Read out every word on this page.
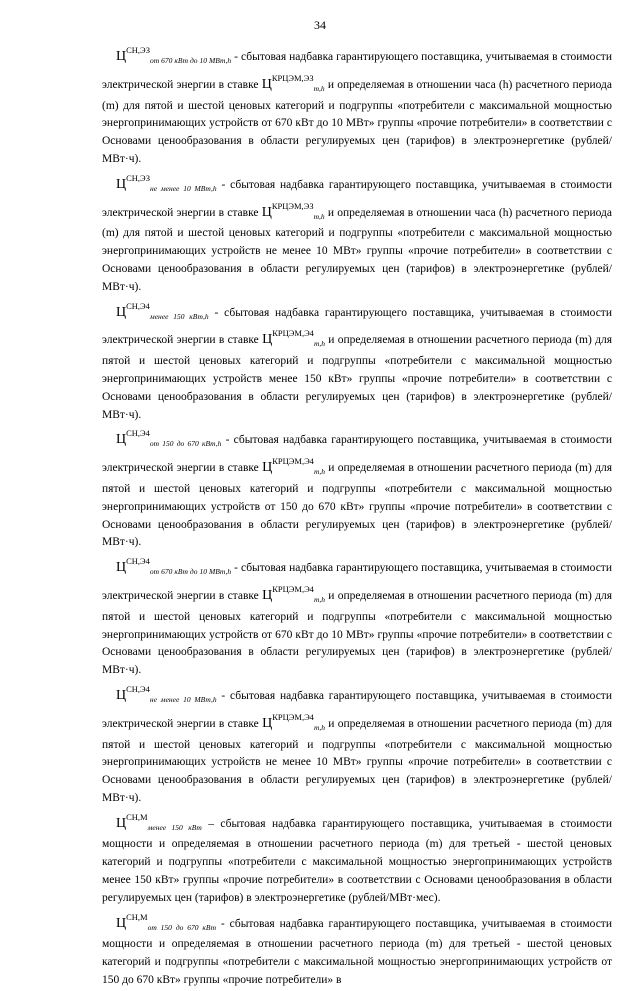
34

$Ц^{СН,ЭЗ}_{от 670 кВт до 10 МВт,h}$ - сбытовая надбавка гарантирующего поставщика, учитываемая в стоимости электрической энергии в ставке $Ц^{КРЦЭМ,ЭЗ}_{m,h}$ и определяемая в отношении часа (h) расчетного периода (m) для пятой и шестой ценовых категорий и подгруппы «потребители с максимальной мощностью энергопринимающих устройств от 670 кВт до 10 МВт» группы «прочие потребители» в соответствии с Основами ценообразования в области регулируемых цен (тарифов) в электроэнергетике (рублей/МВт·ч).

$Ц^{СН,ЭЗ}_{не менее 10 МВт,h}$ - сбытовая надбавка гарантирующего поставщика, учитываемая в стоимости электрической энергии в ставке $Ц^{КРЦЭМ,ЭЗ}_{m,h}$ и определяемая в отношении часа (h) расчетного периода (m) для пятой и шестой ценовых категорий и подгруппы «потребители с максимальной мощностью энергопринимающих устройств не менее 10 МВт» группы «прочие потребители» в соответствии с Основами ценообразования в области регулируемых цен (тарифов) в электроэнергетике (рублей/МВт·ч).

$Ц^{СН,Э4}_{менее 150 кВт,h}$ - сбытовая надбавка гарантирующего поставщика, учитываемая в стоимости электрической энергии в ставке $Ц^{КРЦЭМ,Э4}_{m,h}$ и определяемая в отношении расчетного периода (m) для пятой и шестой ценовых категорий и подгруппы «потребители с максимальной мощностью энергопринимающих устройств менее 150 кВт» группы «прочие потребители» в соответствии с Основами ценообразования в области регулируемых цен (тарифов) в электроэнергетике (рублей/МВт·ч).

$Ц^{СН,Э4}_{от 150 до 670 кВт,h}$ - сбытовая надбавка гарантирующего поставщика, учитываемая в стоимости электрической энергии в ставке $Ц^{КРЦЭМ,Э4}_{m,h}$ и определяемая в отношении расчетного периода (m) для пятой и шестой ценовых категорий и подгруппы «потребители с максимальной мощностью энергопринимающих устройств от 150 до 670 кВт» группы «прочие потребители» в соответствии с Основами ценообразования в области регулируемых цен (тарифов) в электроэнергетике (рублей/МВт·ч).

$Ц^{СН,Э4}_{от 670 кВт до 10 МВт,h}$ - сбытовая надбавка гарантирующего поставщика, учитываемая в стоимости электрической энергии в ставке $Ц^{КРЦЭМ,Э4}_{m,h}$ и определяемая в отношении расчетного периода (m) для пятой и шестой ценовых категорий и подгруппы «потребители с максимальной мощностью энергопринимающих устройств от 670 кВт до 10 МВт» группы «прочие потребители» в соответствии с Основами ценообразования в области регулируемых цен (тарифов) в электроэнергетике (рублей/МВт·ч).

$Ц^{СН,Э4}_{не менее 10 МВт,h}$ - сбытовая надбавка гарантирующего поставщика, учитываемая в стоимости электрической энергии в ставке $Ц^{КРЦЭМ,Э4}_{m,h}$ и определяемая в отношении расчетного периода (m) для пятой и шестой ценовых категорий и подгруппы «потребители с максимальной мощностью энергопринимающих устройств не менее 10 МВт» группы «прочие потребители» в соответствии с Основами ценообразования в области регулируемых цен (тарифов) в электроэнергетике (рублей/МВт·ч).

$Ц^{СН,М}_{менее 150 кВт}$ – сбытовая надбавка гарантирующего поставщика, учитываемая в стоимости мощности и определяемая в отношении расчетного периода (m) для третьей - шестой ценовых категорий и подгруппы «потребители с максимальной мощностью энергопринимающих устройств менее 150 кВт» группы «прочие потребители» в соответствии с Основами ценообразования в области регулируемых цен (тарифов) в электроэнергетике (рублей/МВт·мес).

$Ц^{СН,М}_{от 150 до 670 кВт}$ - сбытовая надбавка гарантирующего поставщика, учитываемая в стоимости мощности и определяемая в отношении расчетного периода (m) для третьей - шестой ценовых категорий и подгруппы «потребители с максимальной мощностью энергопринимающих устройств от 150 до 670 кВт» группы «прочие потребители» в
